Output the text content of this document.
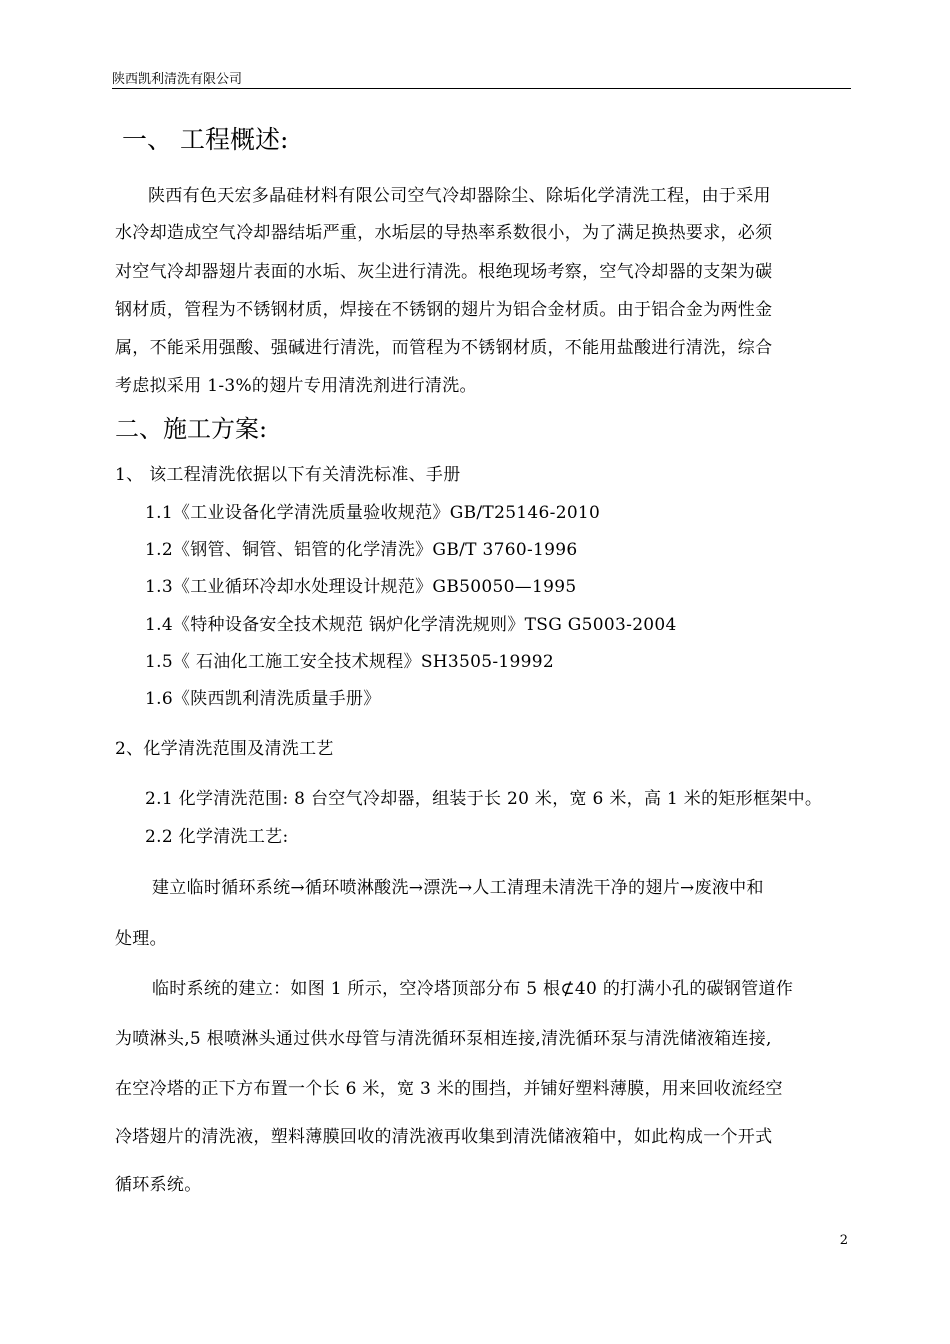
陕西凯利清洗有限公司
一、 工程概述:
陕西有色天宏多晶硅材料有限公司空气冷却器除尘、除垢化学清洗工程，由于采用
水冷却造成空气冷却器结垢严重，水垢层的导热率系数很小，为了满足换热要求，必须
对空气冷却器翅片表面的水垢、灰尘进行清洗。根绝现场考察，空气冷却器的支架为碳
钢材质，管程为不锈钢材质，焊接在不锈钢的翅片为铝合金材质。由于铝合金为两性金
属，不能采用强酸、强碱进行清洗，而管程为不锈钢材质，不能用盐酸进行清洗，综合
考虑拟采用 1-3%的翅片专用清洗剂进行清洗。
二、施工方案:
1、 该工程清洗依据以下有关清洗标准、手册
1.1《工业设备化学清洗质量验收规范》GB/T25146-2010
1.2《钢管、铜管、铝管的化学清洗》GB/T 3760-1996
1.3《工业循环冷却水处理设计规范》GB50050—1995
1.4《特种设备安全技术规范 锅炉化学清洗规则》TSG G5003-2004
1.5《 石油化工施工安全技术规程》SH3505-19992
1.6《陕西凯利清洗质量手册》
2、化学清洗范围及清洗工艺
2.1 化学清洗范围: 8 台空气冷却器，组装于长 20 米，宽 6 米，高 1 米的矩形框架中。
2.2 化学清洗工艺:
建立临时循环系统→循环喷淋酸洗→漂洗→人工清理未清洗干净的翅片→废液中和
处理。
临时系统的建立：如图 1 所示，空冷塔顶部分布 5 根⊄40 的打满小孔的碳钢管道作
为喷淋头,5 根喷淋头通过供水母管与清洗循环泵相连接,清洗循环泵与清洗储液箱连接,
在空冷塔的正下方布置一个长 6 米，宽 3 米的围挡，并铺好塑料薄膜，用来回收流经空
冷塔翅片的清洗液，塑料薄膜回收的清洗液再收集到清洗储液箱中，如此构成一个开式
循环系统。
2
